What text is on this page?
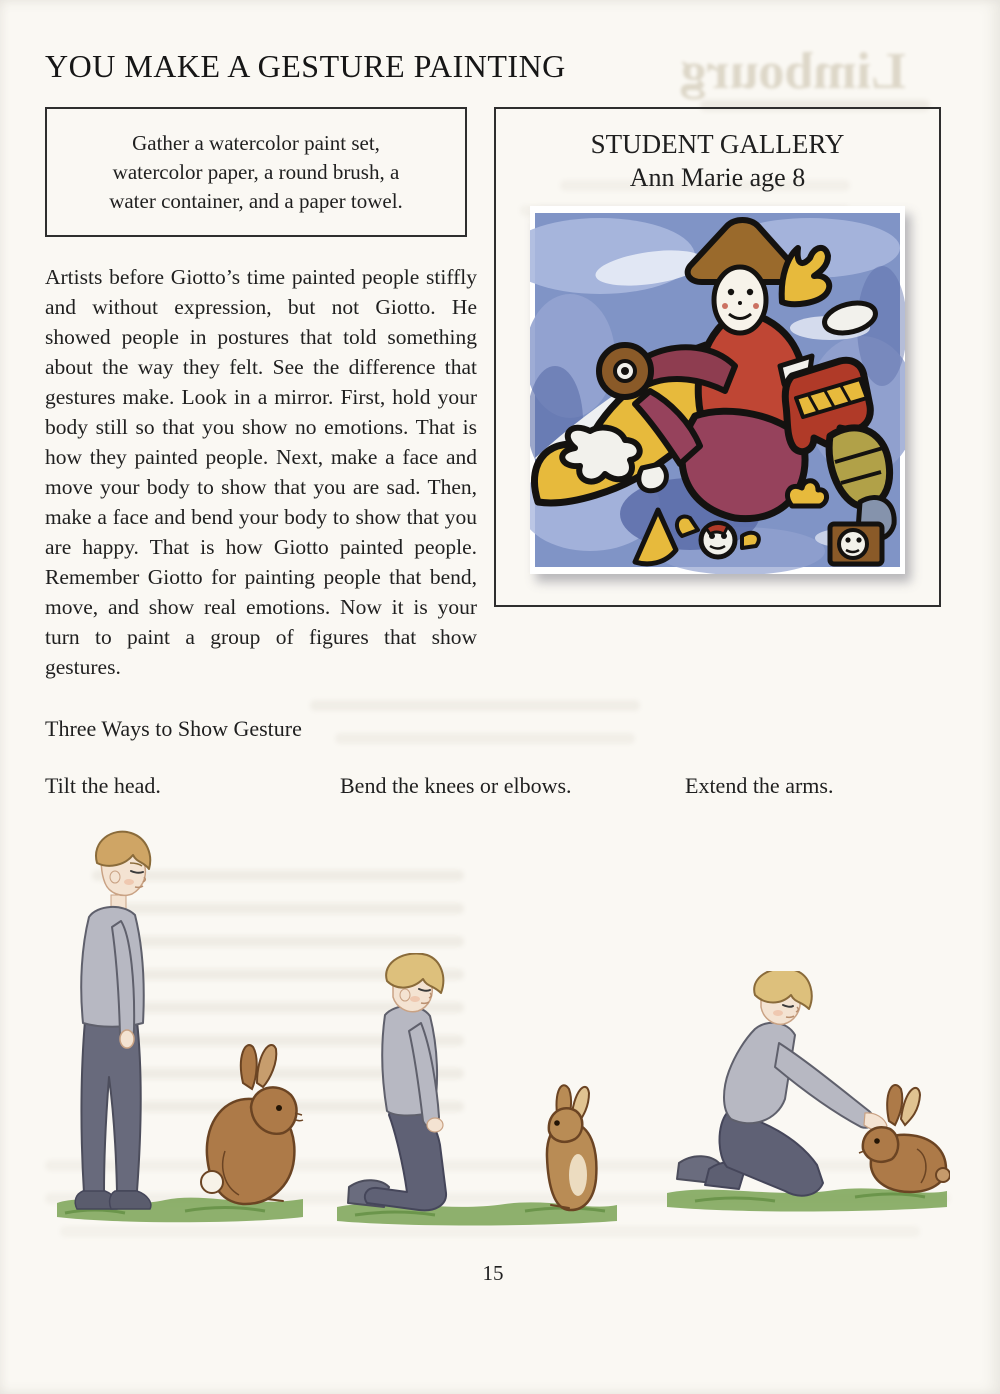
Limbourg
YOU MAKE A GESTURE PAINTING
STUDENT GALLERY
Ann Marie age 8
Gather a watercolor paint set,
watercolor paper, a round brush, a
water container, and a paper towel.

Artists before Giotto’s time painted people stiffly and without expression, but not Giotto. He showed people in postures that told something about the way they felt. See the difference that gestures make. Look in a mirror. First, hold your body still so that you show no emotions. That is how they painted people. Next, make a face and move your body to show that you are sad. Then, make a face and bend your body to show that you are happy. That is how Giotto painted people. Remember Giotto for painting people that bend, move, and show real emotions. Now it is your turn to paint a group of figures that show gestures.

Three Ways to Show Gesture
Tilt the head.	Bend the knees or elbows.	Extend the arms.
15
